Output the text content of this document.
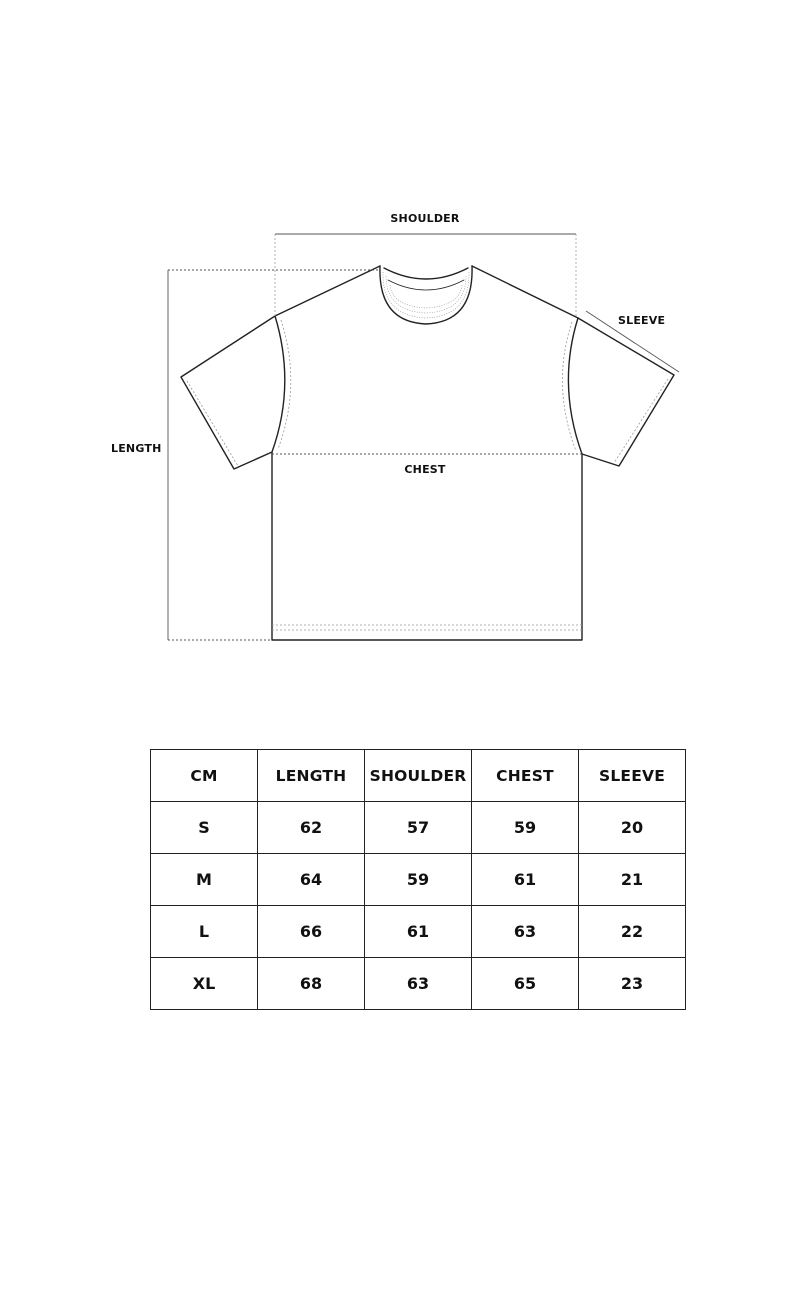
SHOULDER
SLEEVE
LENGTH
CHEST
CM	LENGTH	SHOULDER	CHEST	SLEEVE
S	62	57	59	20
M	64	59	61	21
L	66	61	63	22
XL	68	63	65	23
